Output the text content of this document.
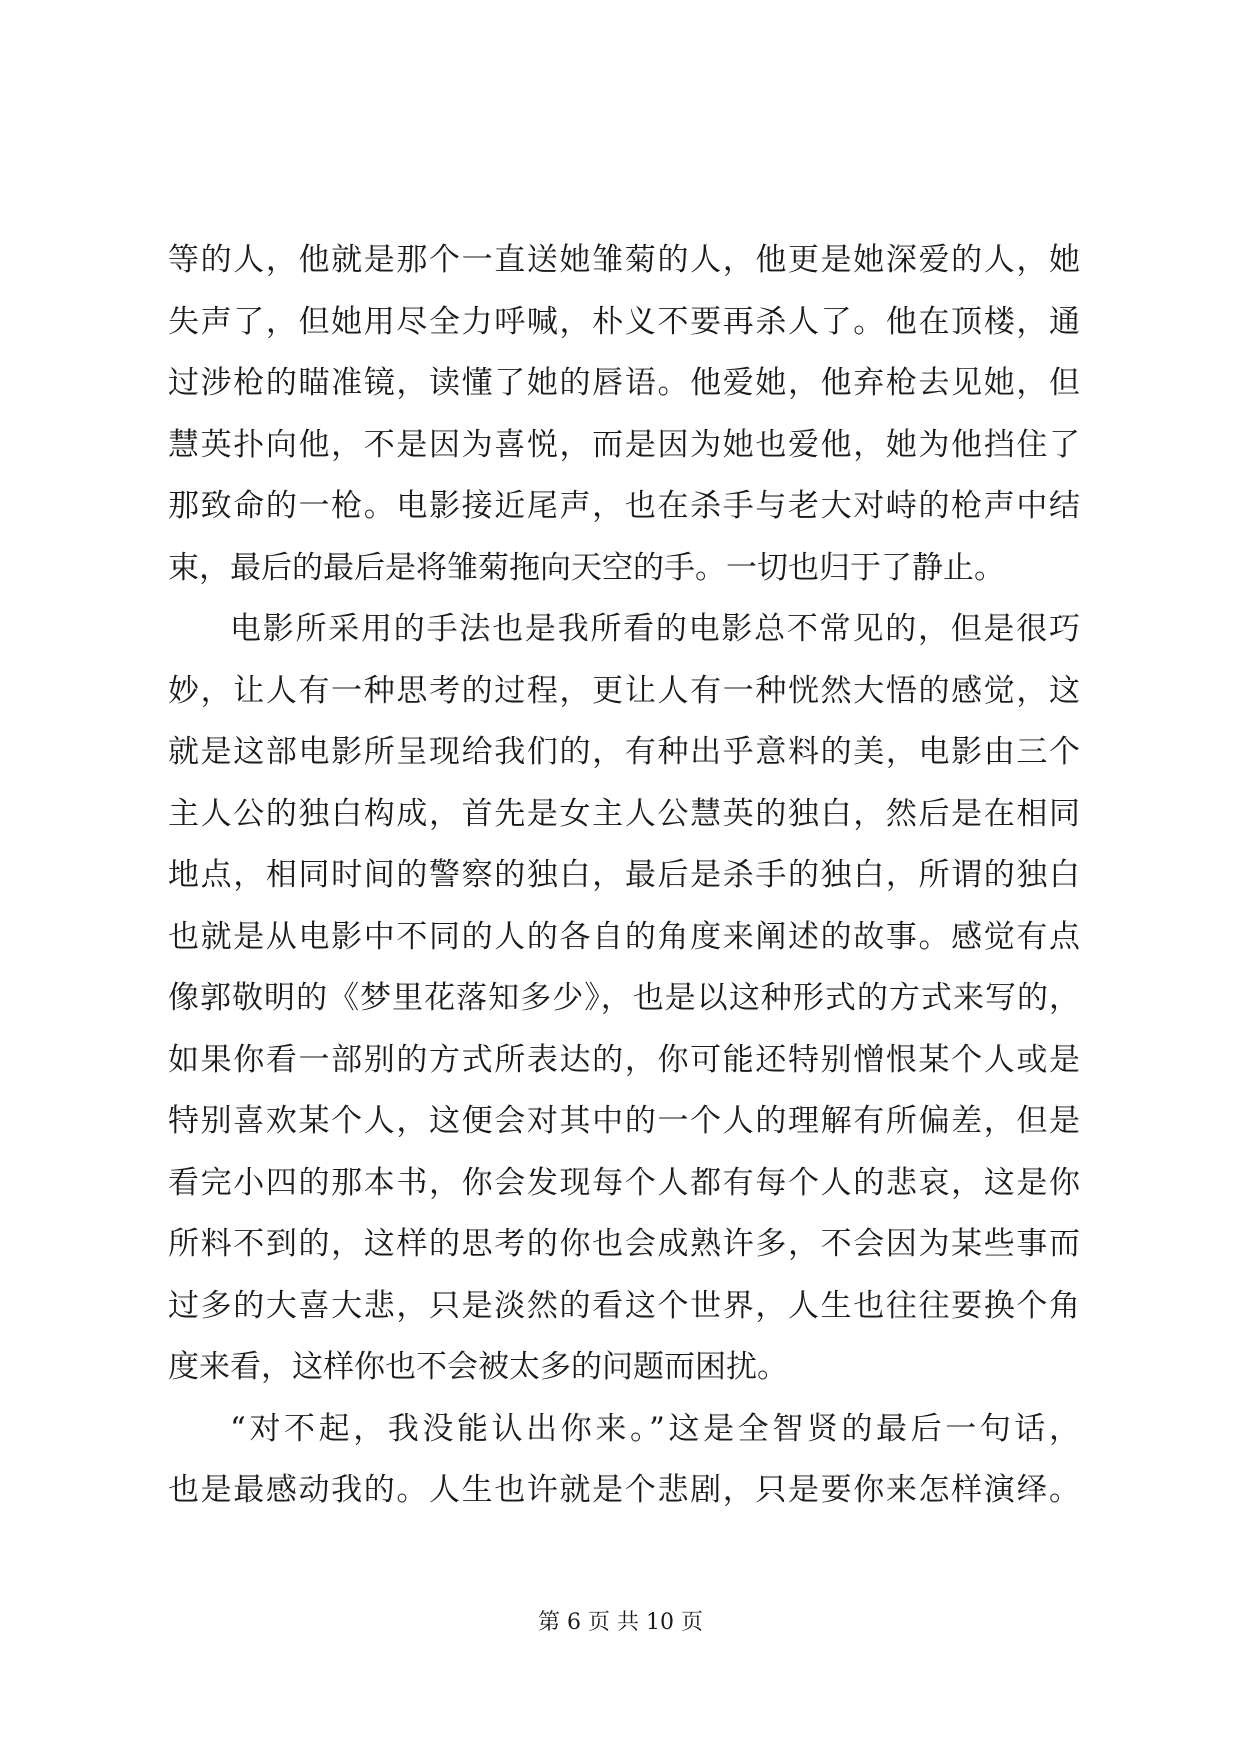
等的人，他就是那个一直送她雏菊的人，他更是她深爱的人，她
失声了，但她用尽全力呼喊，朴义不要再杀人了。他在顶楼，通
过涉枪的瞄准镜，读懂了她的唇语。他爱她，他弃枪去见她，但
慧英扑向他，不是因为喜悦，而是因为她也爱他，她为他挡住了
那致命的一枪。电影接近尾声，也在杀手与老大对峙的枪声中结
束，最后的最后是将雏菊拖向天空的手。一切也归于了静止。
电影所采用的手法也是我所看的电影总不常见的，但是很巧
妙，让人有一种思考的过程，更让人有一种恍然大悟的感觉，这
就是这部电影所呈现给我们的，有种出乎意料的美，电影由三个
主人公的独白构成，首先是女主人公慧英的独白，然后是在相同
地点，相同时间的警察的独白，最后是杀手的独白，所谓的独白
也就是从电影中不同的人的各自的角度来阐述的故事。感觉有点
像郭敬明的《梦里花落知多少》，也是以这种形式的方式来写的，
如果你看一部别的方式所表达的，你可能还特别憎恨某个人或是
特别喜欢某个人，这便会对其中的一个人的理解有所偏差，但是
看完小四的那本书，你会发现每个人都有每个人的悲哀，这是你
所料不到的，这样的思考的你也会成熟许多，不会因为某些事而
过多的大喜大悲，只是淡然的看这个世界，人生也往往要换个角
度来看，这样你也不会被太多的问题而困扰。
“对不起，我没能认出你来。”这是全智贤的最后一句话，
也是最感动我的。人生也许就是个悲剧，只是要你来怎样演绎。
第 6 页 共 10 页
